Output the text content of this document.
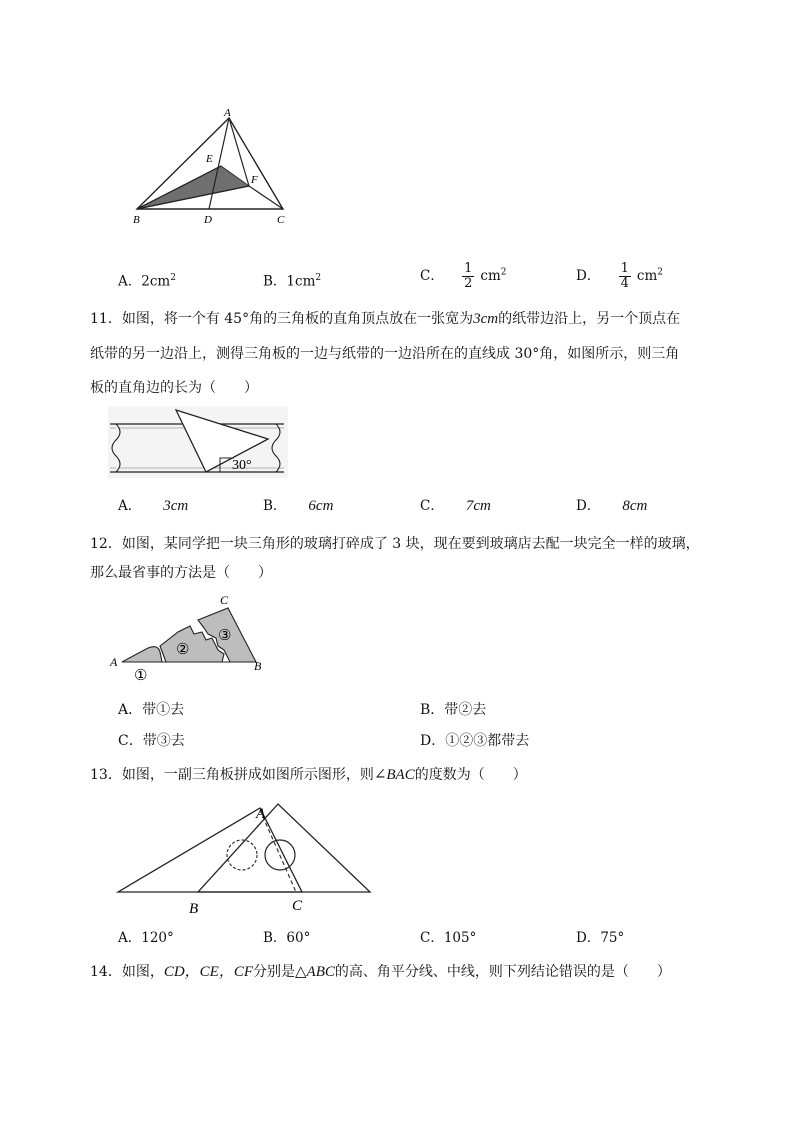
A
E
F
B	D	C
A．$2cm^2$	B．$1cm^2$	C． $\frac{1}{2} cm^2$	D． $\frac{1}{4} cm^2$
11．如图，将一个有 45°角的三角板的直角顶点放在一张宽为3cm的纸带边沿上，另一个顶点在
纸带的另一边沿上，测得三角板的一边与纸带的一边沿所在的直线成 30°角，如图所示，则三角
板的直角边的长为（　　）
30°
A． 3cm	B． 6cm	C． 7cm	D． 8cm
12．如图，某同学把一块三角形的玻璃打碎成了 3 块，现在要到玻璃店去配一块完全一样的玻璃，
那么最省事的方法是（　　）
A	B
C
①
②
③
A．带①去	B．带②去
C．带③去	D．①②③都带去
13．如图，一副三角板拼成如图所示图形，则∠BAC的度数为（　　）
A
B	C
A．120°	B．60°	C．105°	D．75°
14．如图，CD，CE，CF分别是△ABC的高、角平分线、中线，则下列结论错误的是（　　）
